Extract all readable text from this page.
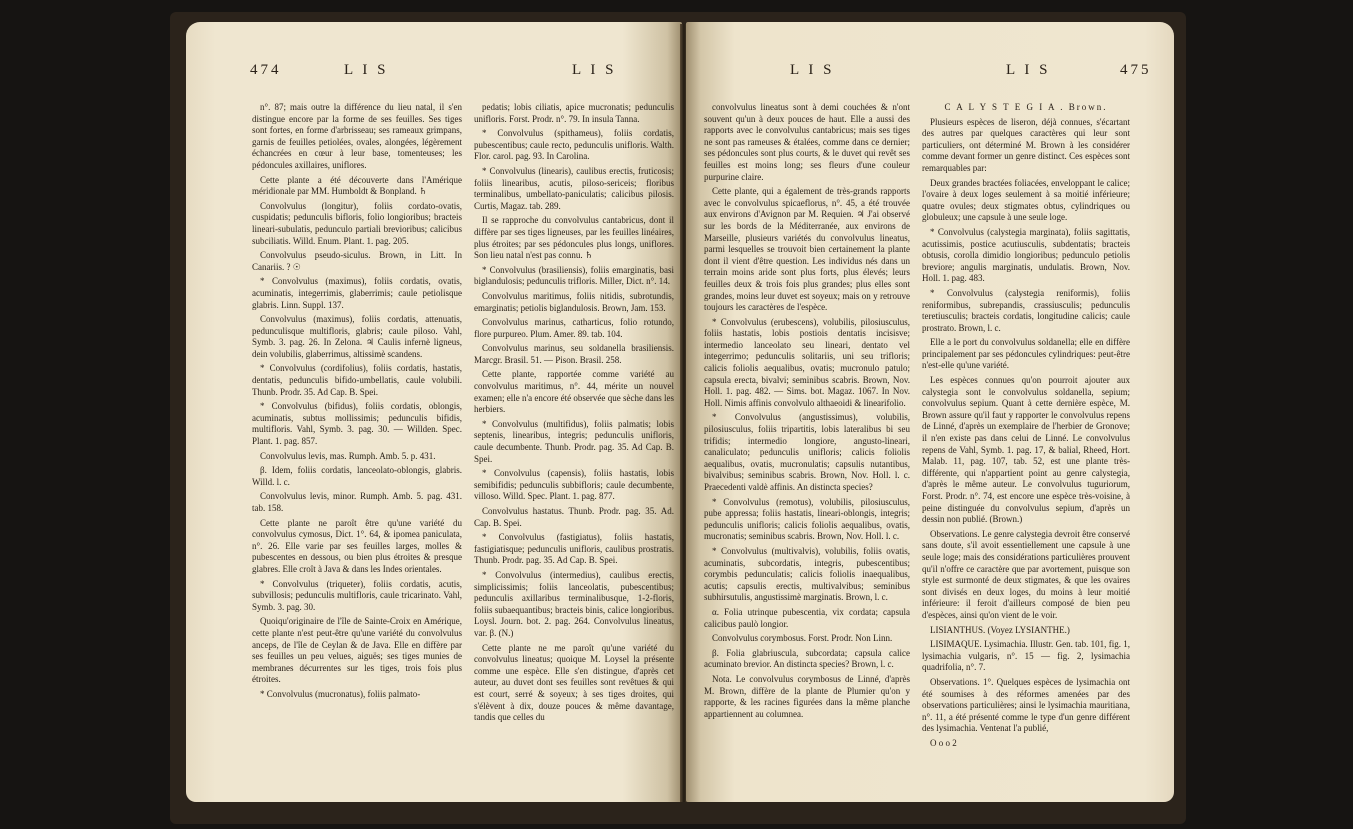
474	L I S	L I S

n°. 87; mais outre la différence du lieu natal, il s'en distingue encore par la forme de ses feuilles. Ses tiges sont fortes, en forme d'arbrisseau; ses rameaux grimpans, garnis de feuilles petiolées, ovales, alongées, légèrement échancrées en cœur à leur base, tomenteuses; les pédoncules axillaires, uniflores.

Cette plante a été découverte dans l'Amérique méridionale par MM. Humboldt & Bonpland. ♄

Convolvulus (longitur), foliis cordato-ovatis, cuspidatis; pedunculis bifloris, folio longioribus; bracteis lineari-subulatis, pedunculo partiali brevioribus; calicibus subciliatis. Willd. Enum. Plant. 1. pag. 205.

Convolvulus pseudo-siculus. Brown, in Litt. In Canariis. ? ☉

* Convolvulus (maximus), foliis cordatis, ovatis, acuminatis, integerrimis, glaberrimis; caule petiolisque glabris. Linn. Suppl. 137.

Convolvulus (maximus), foliis cordatis, attenuatis, pedunculisque multifloris, glabris; caule piloso. Vahl, Symb. 3. pag. 26. In Zelona. ♃ Caulis infernè ligneus, dein volubilis, glaberrimus, altissimè scandens.

* Convolvulus (cordifolius), foliis cordatis, hastatis, dentatis, pedunculis bifido-umbellatis, caule volubili. Thunb. Prodr. 35. Ad Cap. B. Spei.

* Convolvulus (bifidus), foliis cordatis, oblongis, acuminatis, subtus mollissimis; pedunculis bifidis, multifloris. Vahl, Symb. 3. pag. 30. — Willden. Spec. Plant. 1. pag. 857.

Convolvulus levis, mas. Rumph. Amb. 5. p. 431.

β. Idem, foliis cordatis, lanceolato-oblongis, glabris. Willd. l. c.

Convolvulus levis, minor. Rumph. Amb. 5. pag. 431. tab. 158.

Cette plante ne paroît être qu'une variété du convolvulus cymosus, Dict. 1°. 64, & ipomea paniculata, n°. 26. Elle varie par ses feuilles larges, molles & pubescentes en dessous, ou bien plus étroites & presque glabres. Elle croît à Java & dans les Indes orientales.

* Convolvulus (triqueter), foliis cordatis, acutis, subvillosis; pedunculis multifloris, caule tricarinato. Vahl, Symb. 3. pag. 30.

Quoiqu'originaire de l'île de Sainte-Croix en Amérique, cette plante n'est peut-être qu'une variété du convolvulus anceps, de l'île de Ceylan & de Java. Elle en diffère par ses feuilles un peu velues, aiguës; ses tiges munies de membranes décurrentes sur les tiges, trois fois plus étroites.

* Convolvulus (mucronatus), foliis palmato-

pedatis; lobis ciliatis, apice mucronatis; pedunculis unifloris. Forst. Prodr. n°. 79. In insula Tanna.

* Convolvulus (spithameus), foliis cordatis, pubescentibus; caule recto, pedunculis unifloris. Walth. Flor. carol. pag. 93. In Carolina.

* Convolvulus (linearis), caulibus erectis, fruticosis; foliis linearibus, acutis, piloso-sericeis; floribus terminalibus, umbellato-paniculatis; calicibus pilosis. Curtis, Magaz. tab. 289.

Il se rapproche du convolvulus cantabricus, dont il diffère par ses tiges ligneuses, par les feuilles linéaires, plus étroites; par ses pédoncules plus longs, uniflores. Son lieu natal n'est pas connu. ♄

* Convolvulus (brasiliensis), foliis emarginatis, basi biglandulosis; pedunculis trifloris. Miller, Dict. n°. 14.

Convolvulus maritimus, foliis nitidis, subrotundis, emarginatis; petiolis biglandulosis. Brown, Jam. 153.

Convolvulus marinus, catharticus, folio rotundo, flore purpureo. Plum. Amer. 89. tab. 104.

Convolvulus marinus, seu soldanella brasiliensis. Marcgr. Brasil. 51. — Pison. Brasil. 258.

Cette plante, rapportée comme variété au convolvulus maritimus, n°. 44, mérite un nouvel examen; elle n'a encore été observée que sèche dans les herbiers.

* Convolvulus (multifidus), foliis palmatis; lobis septenis, linearibus, integris; pedunculis unifloris, caule decumbente. Thunb. Prodr. pag. 35. Ad Cap. B. Spei.

* Convolvulus (capensis), foliis hastatis, lobis semibifidis; pedunculis subbifloris; caule decumbente, villoso. Willd. Spec. Plant. 1. pag. 877.

Convolvulus hastatus. Thunb. Prodr. pag. 35. Ad. Cap. B. Spei.

* Convolvulus (fastigiatus), foliis hastatis, fastigiatisque; pedunculis unifloris, caulibus prostratis. Thunb. Prodr. pag. 35. Ad Cap. B. Spei.

* Convolvulus (intermedius), caulibus erectis, simplicissimis; foliis lanceolatis, pubescentibus; pedunculis axillaribus terminalibusque, 1-2-floris, foliis subaequantibus; bracteis binis, calice longioribus. Loysl. Journ. bot. 2. pag. 264. Convolvulus lineatus, var. β. (N.)

Cette plante ne me paroît qu'une variété du convolvulus lineatus; quoique M. Loysel la présente comme une espèce. Elle s'en distingue, d'après cet auteur, au duvet dont ses feuilles sont revêtues & qui est court, serré & soyeux; à ses tiges droites, qui s'élèvent à dix, douze pouces & même davantage, tandis que celles du

L I S	L I S	475

convolvulus lineatus sont à demi couchées & n'ont souvent qu'un à deux pouces de haut. Elle a aussi des rapports avec le convolvulus cantabricus; mais ses tiges ne sont pas rameuses & étalées, comme dans ce dernier; ses pédoncules sont plus courts, & le duvet qui revêt ses feuilles est moins long; ses fleurs d'une couleur purpurine claire.

Cette plante, qui a également de très-grands rapports avec le convolvulus spicaeflorus, n°. 45, a été trouvée aux environs d'Avignon par M. Requien. ♃ J'ai observé sur les bords de la Méditerranée, aux environs de Marseille, plusieurs variétés du convolvulus lineatus, parmi lesquelles se trouvoit bien certainement la plante dont il vient d'être question. Les individus nés dans un terrain moins aride sont plus forts, plus élevés; leurs feuilles deux & trois fois plus grandes; plus elles sont grandes, moins leur duvet est soyeux; mais on y retrouve toujours les caractères de l'espèce.

* Convolvulus (erubescens), volubilis, pilosiusculus, foliis hastatis, lobis postiois dentatis incisisve; intermedio lanceolato seu lineari, dentato vel integerrimo; pedunculis solitariis, uni seu trifloris; calicis foliolis aequalibus, ovatis; mucronulo patulo; capsula erecta, bivalvi; seminibus scabris. Brown, Nov. Holl. 1. pag. 482. — Sims. bot. Magaz. 1067. In Nov. Holl. Nimis affinis convolvulo althaeoidi & linearifolio.

* Convolvulus (angustissimus), volubilis, pilosiusculus, foliis tripartitis, lobis lateralibus bi seu trifidis; intermedio longiore, angusto-lineari, canaliculato; pedunculis unifloris; calicis foliolis aequalibus, ovatis, mucronulatis; capsulis nutantibus, bivalvibus; seminibus scabris. Brown, Nov. Holl. l. c. Praecedenti valdè affinis. An distincta species?

* Convolvulus (remotus), volubilis, pilosiusculus, pube appressa; foliis hastatis, lineari-oblongis, integris; pedunculis unifloris; calicis foliolis aequalibus, ovatis, mucronatis; seminibus scabris. Brown, Nov. Holl. l. c.

* Convolvulus (multivalvis), volubilis, foliis ovatis, acuminatis, subcordatis, integris, pubescentibus; corymbis pedunculatis; calicis foliolis inaequalibus, acutis; capsulis erectis, multivalvibus; seminibus subhirsutulis, angustissimè marginatis. Brown, l. c.

α. Folia utrinque pubescentia, vix cordata; capsula calicibus paulò longior.

Convolvulus corymbosus. Forst. Prodr. Non Linn.

β. Folia glabriuscula, subcordata; capsula calice acuminato brevior. An distincta species? Brown, l. c.

Nota. Le convolvulus corymbosus de Linné, d'après M. Brown, diffère de la plante de Plumier qu'on y rapporte, & les racines figurées dans la même planche appartiennent au columnea.

C A L Y S T E G I A . Brown.

Plusieurs espèces de liseron, déjà connues, s'écartant des autres par quelques caractères qui leur sont particuliers, ont déterminé M. Brown à les considérer comme devant former un genre distinct. Ces espèces sont remarquables par:

Deux grandes bractées foliacées, enveloppant le calice; l'ovaire à deux loges seulement à sa moitié inférieure; quatre ovules; deux stigmates obtus, cylindriques ou globuleux; une capsule à une seule loge.

* Convolvulus (calystegia marginata), foliis sagittatis, acutissimis, postice acutiusculis, subdentatis; bracteis obtusis, corolla dimidio longioribus; pedunculo petiolis breviore; angulis marginatis, undulatis. Brown, Nov. Holl. 1. pag. 483.

* Convolvulus (calystegia reniformis), foliis reniformibus, subrepandis, crassiusculis; pedunculis teretiusculis; bracteis cordatis, longitudine calicis; caule prostrato. Brown, l. c.

Elle a le port du convolvulus soldanella; elle en diffère principalement par ses pédoncules cylindriques: peut-être n'est-elle qu'une variété.

Les espèces connues qu'on pourroit ajouter aux calystegia sont le convolvulus soldanella, sepium; convolvulus sepium. Quant à cette dernière espèce, M. Brown assure qu'il faut y rapporter le convolvulus repens de Linné, d'après un exemplaire de l'herbier de Gronove; il n'en existe pas dans celui de Linné. Le convolvulus repens de Vahl, Symb. 1. pag. 17, & balial, Rheed, Hort. Malab. 11, pag. 107, tab. 52, est une plante très-différente, qui n'appartient point au genre calystegia, d'après le même auteur. Le convolvulus tuguriorum, Forst. Prodr. n°. 74, est encore une espèce très-voisine, à peine distinguée du convolvulus sepium, d'après un dessin non publié. (Brown.)

Observations. Le genre calystegia devroit être conservé sans doute, s'il avoit essentiellement une capsule à une seule loge; mais des considérations particulières prouvent qu'il n'offre ce caractère que par avortement, puisque son style est surmonté de deux stigmates, & que les ovaires sont divisés en deux loges, du moins à leur moitié inférieure: il feroit d'ailleurs composé de bien peu d'espèces, ainsi qu'on vient de le voir.

LISIANTHUS. (Voyez LYSIANTHE.)

LISIMAQUE. Lysimachia. Illustr. Gen. tab. 101, fig. 1, lysimachia vulgaris, n°. 15 — fig. 2, lysimachia quadrifolia, n°. 7.

Observations. 1°. Quelques espèces de lysimachia ont été soumises à des réformes amenées par des observations particulières; ainsi le lysimachia mauritiana, n°. 11, a été présenté comme le type d'un genre différent des lysimachia. Ventenat l'a publié,

O o o 2
